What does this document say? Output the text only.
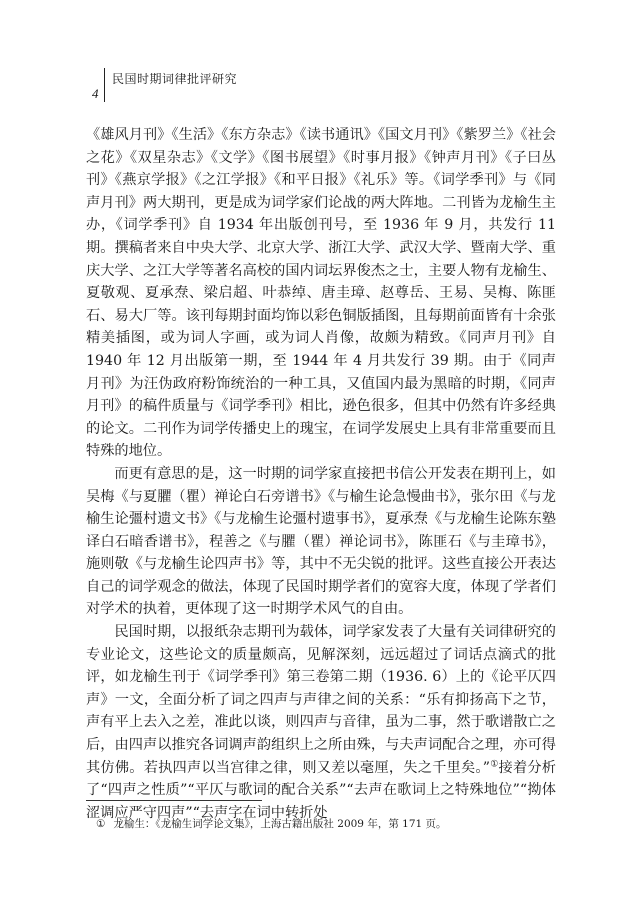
4
民国时期词律批评研究

《雄风月刊》《生活》《东方杂志》《读书通讯》《国文月刊》《紫罗兰》《社会之花》《双星杂志》《文学》《图书展望》《时事月报》《钟声月刊》《子曰丛刊》《燕京学报》《之江学报》《和平日报》《礼乐》等。《词学季刊》与《同声月刊》两大期刊，更是成为词学家们论战的两大阵地。二刊皆为龙榆生主办，《词学季刊》自 1934 年出版创刊号，至 1936 年 9 月，共发行 11 期。撰稿者来自中央大学、北京大学、浙江大学、武汉大学、暨南大学、重庆大学、之江大学等著名高校的国内词坛界俊杰之士，主要人物有龙榆生、夏敬观、夏承焘、梁启超、叶恭绰、唐圭璋、赵尊岳、王易、吴梅、陈匪石、易大厂等。该刊每期封面均饰以彩色铜版插图，且每期前面皆有十余张精美插图，或为词人字画，或为词人肖像，故颇为精致。《同声月刊》自 1940 年 12 月出版第一期，至 1944 年 4 月共发行 39 期。由于《同声月刊》为汪伪政府粉饰统治的一种工具，又值国内最为黑暗的时期，《同声月刊》的稿件质量与《词学季刊》相比，逊色很多，但其中仍然有许多经典的论文。二刊作为词学传播史上的瑰宝，在词学发展史上具有非常重要而且特殊的地位。

而更有意思的是，这一时期的词学家直接把书信公开发表在期刊上，如吴梅《与夏臞（瞿）禅论白石旁谱书》《与榆生论急慢曲书》，张尔田《与龙榆生论彊村遗文书》《与龙榆生论彊村遗事书》，夏承焘《与龙榆生论陈东塾译白石暗香谱书》，程善之《与臞（瞿）禅论词书》，陈匪石《与圭璋书》，施则敬《与龙榆生论四声书》等，其中不无尖锐的批评。这些直接公开表达自己的词学观念的做法，体现了民国时期学者们的宽容大度，体现了学者们对学术的执着，更体现了这一时期学术风气的自由。

民国时期，以报纸杂志期刊为载体，词学家发表了大量有关词律研究的专业论文，这些论文的质量颇高，见解深刻，远远超过了词话点滴式的批评，如龙榆生刊于《词学季刊》第三卷第二期（1936. 6）上的《论平仄四声》一文，全面分析了词之四声与声律之间的关系：“乐有抑扬高下之节，声有平上去入之差，准此以谈，则四声与音律，虽为二事，然于歌谱散亡之后，由四声以推究各词调声韵组织上之所由殊，与夫声词配合之理，亦可得其仿佛。若执四声以当宫律之律，则又差以毫厘，失之千里矣。”①接着分析了“四声之性质”“平仄与歌词的配合关系”“去声在歌词上之特殊地位”“拗体涩调应严守四声”“去声字在词中转折处

① 龙榆生：《龙榆生词学论文集》，上海古籍出版社 2009 年，第 171 页。
